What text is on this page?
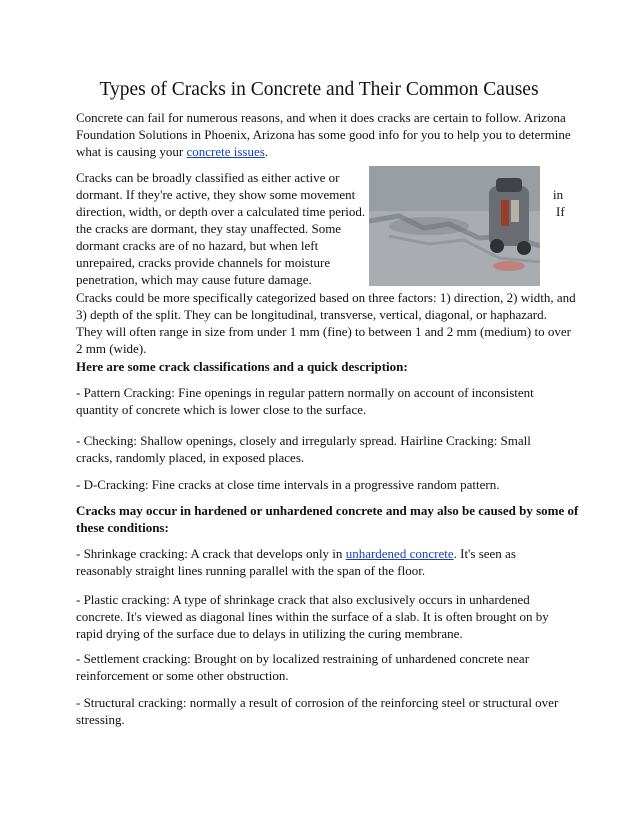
Types of Cracks in Concrete and Their Common Causes
Concrete can fail for numerous reasons, and when it does cracks are certain to follow. Arizona
Foundation Solutions in Phoenix, Arizona has some good info for you to help you to determine
what is causing your concrete issues.
Cracks can be broadly classified as either active or
dormant. If they're active, they show some movement
direction, width, or depth over a calculated time period.
the cracks are dormant, they stay unaffected. Some
dormant cracks are of no hazard, but when left
unrepaired, cracks provide channels for moisture
penetration, which may cause future damage.
in
If
Cracks could be more specifically categorized based on three factors: 1) direction, 2) width, and
3) depth of the split. They can be longitudinal, transverse, vertical, diagonal, or haphazard.
They will often range in size from under 1 mm (fine) to between 1 and 2 mm (medium) to over
2 mm (wide).
Here are some crack classifications and a quick description:
- Pattern Cracking: Fine openings in regular pattern normally on account of inconsistent
quantity of concrete which is lower close to the surface.
- Checking: Shallow openings, closely and irregularly spread. Hairline Cracking: Small
cracks, randomly placed, in exposed places.
- D-Cracking: Fine cracks at close time intervals in a progressive random pattern.
Cracks may occur in hardened or unhardened concrete and may also be caused by some of
these conditions:
- Shrinkage cracking: A crack that develops only in unhardened concrete. It's seen as
reasonably straight lines running parallel with the span of the floor.
- Plastic cracking: A type of shrinkage crack that also exclusively occurs in unhardened
concrete. It's viewed as diagonal lines within the surface of a slab. It is often brought on by
rapid drying of the surface due to delays in utilizing the curing membrane.
- Settlement cracking: Brought on by localized restraining of unhardened concrete near
reinforcement or some other obstruction.
- Structural cracking: normally a result of corrosion of the reinforcing steel or structural over
stressing.
